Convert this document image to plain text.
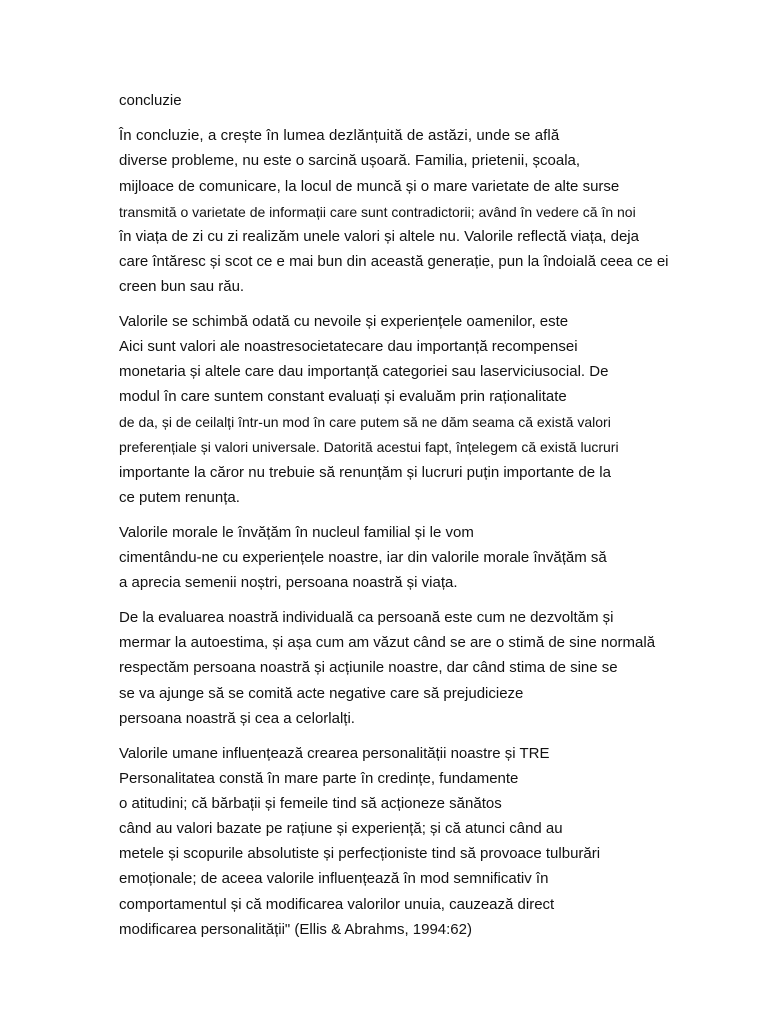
concluzie
În concluzie, a crește în lumea dezlănțuită de astăzi, unde se află
diverse probleme, nu este o sarcină ușoară. Familia, prietenii, școala,
mijloace de comunicare, la locul de muncă și o mare varietate de alte surse
transmită o varietate de informații care sunt contradictorii; având în vedere că în noi
în viața de zi cu zi realizăm unele valori și altele nu. Valorile reflectă viața, deja
care întăresc și scot ce e mai bun din această generație, pun la îndoială ceea ce ei
creen bun sau rău.
Valorile se schimbă odată cu nevoile și experiențele oamenilor, este
Aici sunt valori ale noastresocietatecare dau importanță recompensei
monetaria și altele care dau importanță categoriei sau laserviciusocial. De
modul în care suntem constant evaluați și evaluăm prin raționalitate
de da, și de ceilalți într-un mod în care putem să ne dăm seama că există valori
preferențiale și valori universale. Datorită acestui fapt, înțelegem că există lucruri
importante la căror nu trebuie să renunțăm și lucruri puțin importante de la
ce putem renunța.
Valorile morale le învățăm în nucleul familial și le vom
cimentându-ne cu experiențele noastre, iar din valorile morale învățăm să
a aprecia semenii noștri, persoana noastră și viața.
De la evaluarea noastră individuală ca persoană este cum ne dezvoltăm și
mermar la autoestima, și așa cum am văzut când se are o stimă de sine normală
respectăm persoana noastră și acțiunile noastre, dar când stima de sine se
se va ajunge să se comită acte negative care să prejudicieze
persoana noastră și cea a celorlalți.
Valorile umane influențează crearea personalității noastre și TRE
Personalitatea constă în mare parte în credințe, fundamente
o atitudini; că bărbații și femeile tind să acționeze sănătos
când au valori bazate pe rațiune și experiență; și că atunci când au
metele și scopurile absolutiste și perfecționiste tind să provoace tulburări
emoționale; de aceea valorile influențează în mod semnificativ în
comportamentul și că modificarea valorilor unuia, cauzează direct
modificarea personalității" (Ellis & Abrahms, 1994:62)
